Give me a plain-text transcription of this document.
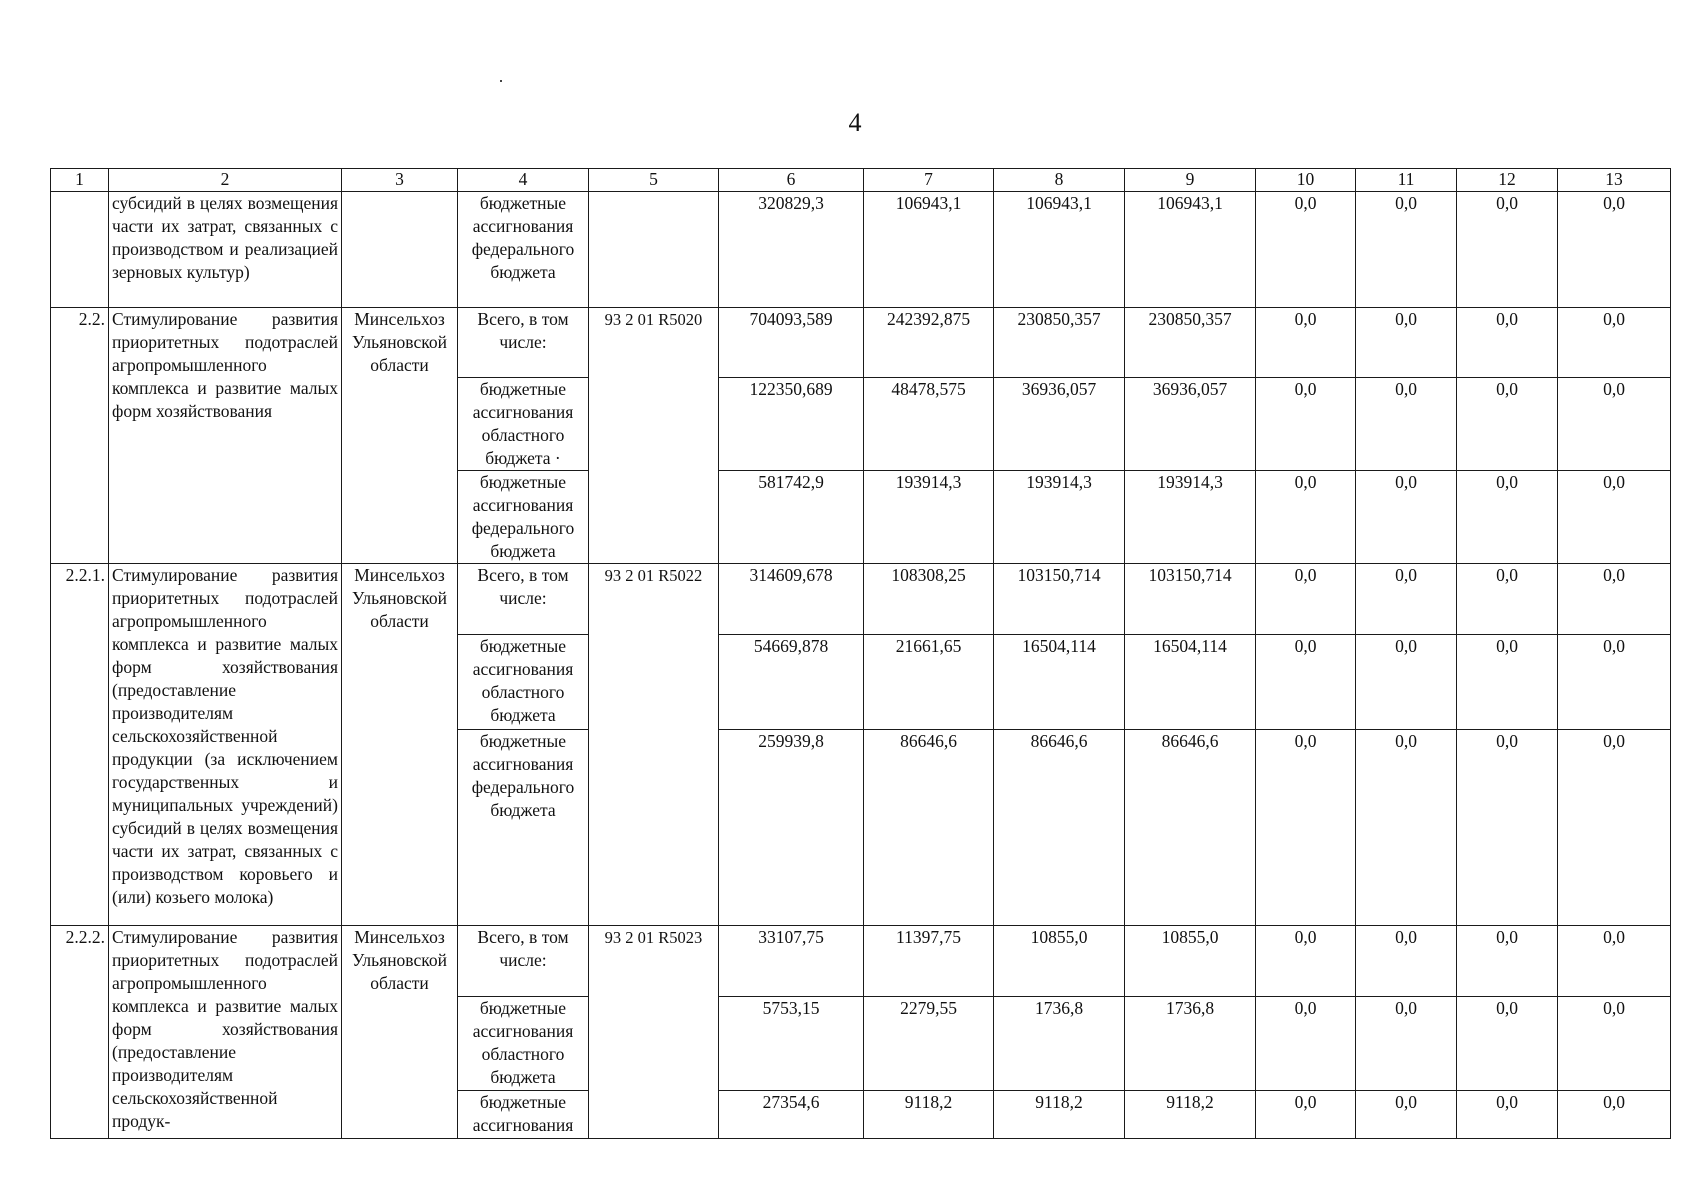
4
1	2	3	4	5	6	7	8	9	10	11	12	13
	субсидий в целях возмещения части их затрат, связанных с производством и реализацией зерновых культур)		бюджетные ассигнования федерального бюджета		320829,3	106943,1	106943,1	106943,1	0,0	0,0	0,0	0,0
2.2.	Стимулирование развития приоритетных подотраслей агропромышленного комплекса и развитие малых форм хозяйствования	Минсельхоз Ульяновской области	Всего, в том числе:	93 2 01 R5020	704093,589	242392,875	230850,357	230850,357	0,0	0,0	0,0	0,0
			бюджетные ассигнования областного бюджета ·		122350,689	48478,575	36936,057	36936,057	0,0	0,0	0,0	0,0
			бюджетные ассигнования федерального бюджета		581742,9	193914,3	193914,3	193914,3	0,0	0,0	0,0	0,0
2.2.1.	Стимулирование развития приоритетных подотраслей агропромышленного комплекса и развитие малых форм хозяйствования (предоставление производителям сельскохозяйственной продукции (за исключением государственных и муниципальных учреждений) субсидий в целях возмещения части их затрат, связанных с производством коровьего и (или) козьего молока)	Минсельхоз Ульяновской области	Всего, в том числе:	93 2 01 R5022	314609,678	108308,25	103150,714	103150,714	0,0	0,0	0,0	0,0
			бюджетные ассигнования областного бюджета		54669,878	21661,65	16504,114	16504,114	0,0	0,0	0,0	0,0
			бюджетные ассигнования федерального бюджета		259939,8	86646,6	86646,6	86646,6	0,0	0,0	0,0	0,0
2.2.2.	Стимулирование развития приоритетных подотраслей агропромышленного комплекса и развитие малых форм хозяйствования (предоставление производителям сельскохозяйственной продук-	Минсельхоз Ульяновской области	Всего, в том числе:	93 2 01 R5023	33107,75	11397,75	10855,0	10855,0	0,0	0,0	0,0	0,0
			бюджетные ассигнования областного бюджета		5753,15	2279,55	1736,8	1736,8	0,0	0,0	0,0	0,0
			бюджетные ассигнования		27354,6	9118,2	9118,2	9118,2	0,0	0,0	0,0	0,0
